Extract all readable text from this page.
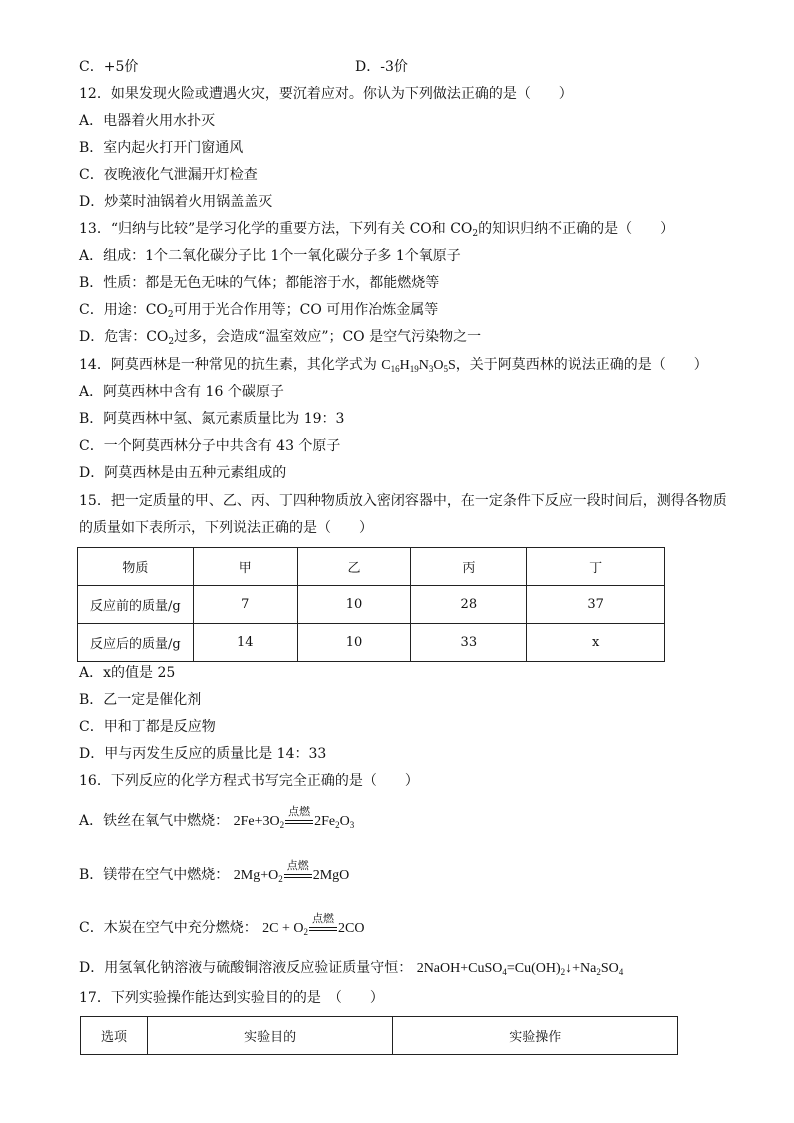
C．+5价	D．-3价
12．如果发现火险或遭遇火灾，要沉着应对。你认为下列做法正确的是（　　）
A．电器着火用水扑灭
B．室内起火打开门窗通风
C．夜晚液化气泄漏开灯检查
D．炒菜时油锅着火用锅盖盖灭
13．“归纳与比较”是学习化学的重要方法，下列有关 CO和 $CO_2$的知识归纳不正确的是（　　）
A．组成：1个二氧化碳分子比 1个一氧化碳分子多 1个氧原子
B．性质：都是无色无味的气体；都能溶于水，都能燃烧等
C．用途：$CO_2$可用于光合作用等；CO 可用作冶炼金属等
D．危害：$CO_2$过多，会造成“温室效应”；CO 是空气污染物之一
14．阿莫西林是一种常见的抗生素，其化学式为 $C_{16}H_{19}N_3O_5S$，关于阿莫西林的说法正确的是（　　）
A．阿莫西林中含有 16 个碳原子
B．阿莫西林中氢、氮元素质量比为 19：3
C．一个阿莫西林分子中共含有 43 个原子
D．阿莫西林是由五种元素组成的
15．把一定质量的甲、乙、丙、丁四种物质放入密闭容器中，在一定条件下反应一段时间后，测得各物质
的质量如下表所示，下列说法正确的是（　　）
物质	甲	乙	丙	丁
反应前的质量/g	7	10	28	37
反应后的质量/g	14	10	33	x
A．x的值是 25
B．乙一定是催化剂
C．甲和丁都是反应物
D．甲与丙发生反应的质量比是 14：33
16．下列反应的化学方程式书写完全正确的是（　　）
A．铁丝在氧气中燃烧： $2Fe+3O_2$
点燃
$2Fe_2O_3$
B．镁带在空气中燃烧： $2Mg+O_2$
点燃
2MgO
C．木炭在空气中充分燃烧： $2C + O_2$
点燃
2CO
D．用氢氧化钠溶液与硫酸铜溶液反应验证质量守恒： $2NaOH+CuSO_4=Cu(OH)_2↓+Na_2SO_4$
17．下列实验操作能达到实验目的的是　（　　）
选项	实验目的	实验操作
